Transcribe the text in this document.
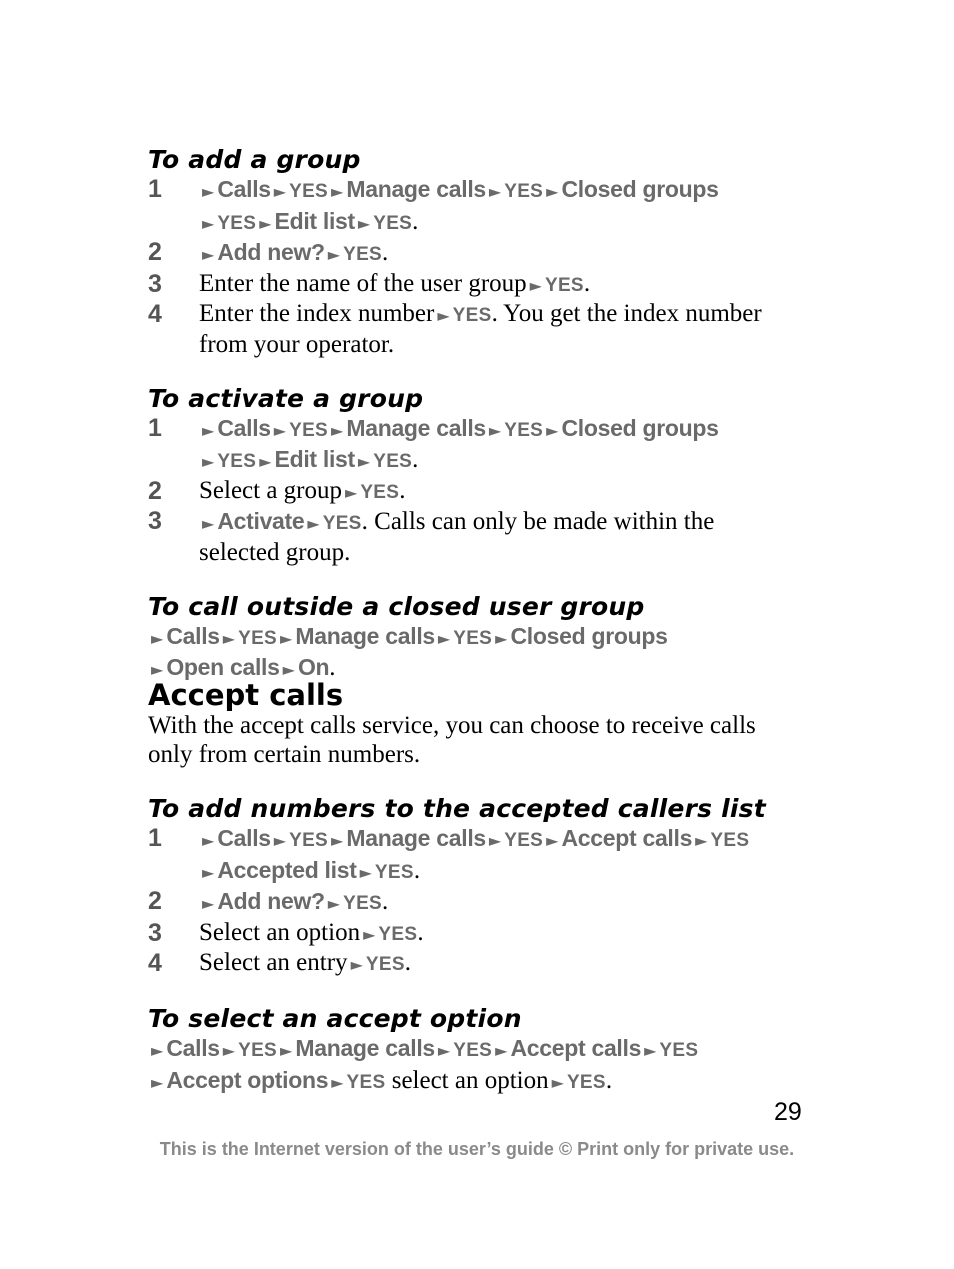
To add a group
1	► Calls ► YES ► Manage calls ► YES ► Closed groups
► YES ► Edit list ► YES.
2	► Add new? ► YES.
3	Enter the name of the user group ► YES.
4	Enter the index number ► YES. You get the index number
from your operator.
To activate a group
1	► Calls ► YES ► Manage calls ► YES ► Closed groups
► YES ► Edit list ► YES.
2	Select a group ► YES.
3	► Activate ► YES. Calls can only be made within the
selected group.
To call outside a closed user group
► Calls ► YES ► Manage calls ► YES ► Closed groups
► Open calls ► On.
Accept calls

With the accept calls service, you can choose to receive calls
only from certain numbers.

To add numbers to the accepted callers list
1	► Calls ► YES ► Manage calls ► YES ► Accept calls ► YES
► Accepted list ► YES.
2	► Add new? ► YES.
3	Select an option ► YES.
4	Select an entry ► YES.
To select an accept option
► Calls ► YES ► Manage calls ► YES ► Accept calls ► YES
► Accept options ► YES select an option ► YES.
29
This is the Internet version of the user’s guide © Print only for private use.
